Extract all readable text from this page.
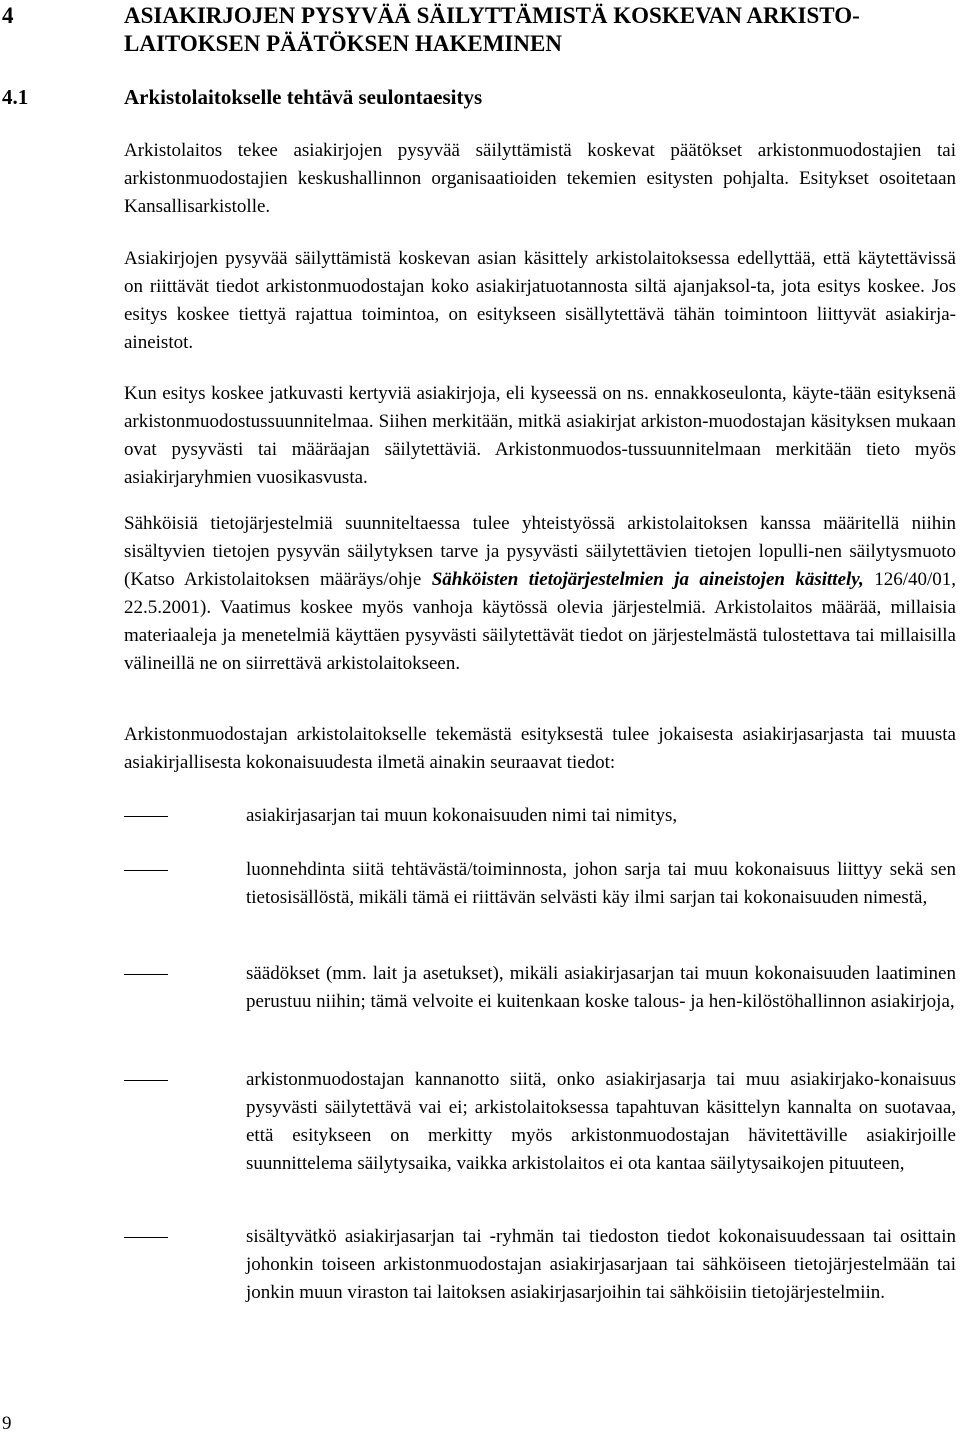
4	ASIAKIRJOJEN PYSYVÄÄ SÄILYTTÄMISTÄ KOSKEVAN ARKISTO-LAITOKSEN PÄÄTÖKSEN HAKEMINEN
4.1	Arkistolaitokselle tehtävä seulontaesitys
Arkistolaitos tekee asiakirjojen pysyvää säilyttämistä koskevat päätökset arkistonmuodostajien tai arkistonmuodostajien keskushallinnon organisaatioiden tekemien esitysten pohjalta. Esitykset osoitetaan Kansallisarkistolle.
Asiakirjojen pysyvää säilyttämistä koskevan asian käsittely arkistolaitoksessa edellyttää, että käytettävissä on riittävät tiedot arkistonmuodostajan koko asiakirjatuotannosta siltä ajanjaksol-ta, jota esitys koskee. Jos esitys koskee tiettyä rajattua toimintoa, on esitykseen sisällytettävä tähän toimintoon liittyvät asiakirja-aineistot.
Kun esitys koskee jatkuvasti kertyviä asiakirjoja, eli kyseessä on ns. ennakkoseulonta, käyte-tään esityksenä arkistonmuodostussuunnitelmaa. Siihen merkitään, mitkä asiakirjat arkiston-muodostajan käsityksen mukaan ovat pysyvästi tai määräajan säilytettäviä. Arkistonmuodos-tussuunnitelmaan merkitään tieto myös asiakirjaryhmien vuosikasvusta.
Sähköisiä tietojärjestelmiä suunniteltaessa tulee yhteistyössä arkistolaitoksen kanssa määritellä niihin sisältyvien tietojen pysyvän säilytyksen tarve ja pysyvästi säilytettävien tietojen lopulli-nen säilytysmuoto (Katso Arkistolaitoksen määräys/ohje Sähköisten tietojärjestelmien ja aineistojen käsittely, 126/40/01, 22.5.2001). Vaatimus koskee myös vanhoja käytössä olevia järjestelmiä. Arkistolaitos määrää, millaisia materiaaleja ja menetelmiä käyttäen pysyvästi säilytettävät tiedot on järjestelmästä tulostettava tai millaisilla välineillä ne on siirrettävä arkistolaitokseen.
Arkistonmuodostajan arkistolaitokselle tekemästä esityksestä tulee jokaisesta asiakirjasarjasta tai muusta asiakirjallisesta kokonaisuudesta ilmetä ainakin seuraavat tiedot:
asiakirjasarjan tai muun kokonaisuuden nimi tai nimitys,
luonnehdinta siitä tehtävästä/toiminnosta, johon sarja tai muu kokonaisuus liittyy sekä sen tietosisällöstä, mikäli tämä ei riittävän selvästi käy ilmi sarjan tai kokonaisuuden nimestä,
säädökset (mm. lait ja asetukset), mikäli asiakirjasarjan tai muun kokonaisuuden laatiminen perustuu niihin; tämä velvoite ei kuitenkaan koske talous- ja hen-kilöstöhallinnon asiakirjoja,
arkistonmuodostajan kannanotto siitä, onko asiakirjasarja tai muu asiakirjako-konaisuus pysyvästi säilytettävä vai ei; arkistolaitoksessa tapahtuvan käsittelyn kannalta on suotavaa, että esitykseen on merkitty myös arkistonmuodostajan hävitettäville asiakirjoille suunnittelema säilytysaika, vaikka arkistolaitos ei ota kantaa säilytysaikojen pituuteen,
sisältyvätkö asiakirjasarjan tai -ryhmän tai tiedoston tiedot kokonaisuudessaan tai osittain johonkin toiseen arkistonmuodostajan asiakirjasarjaan tai sähköiseen tietojärjestelmään tai jonkin muun viraston tai laitoksen asiakirjasarjoihin tai sähköisiin tietojärjestelmiin.
9
